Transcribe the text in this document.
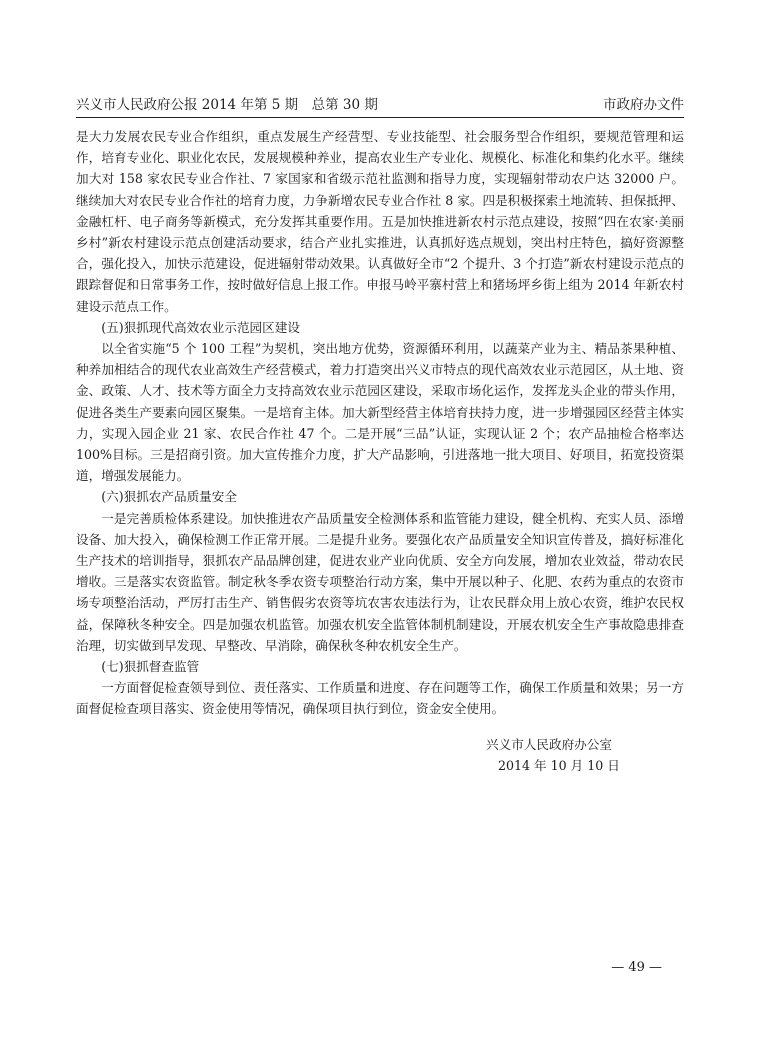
兴义市人民政府公报 2014 年第 5 期　总第 30 期	市政府办文件

是大力发展农民专业合作组织，重点发展生产经营型、专业技能型、社会服务型合作组织，要规范管理和运作，培育专业化、职业化农民，发展规模种养业，提高农业生产专业化、规模化、标准化和集约化水平。继续加大对 158 家农民专业合作社、7 家国家和省级示范社监测和指导力度，实现辐射带动农户达 32000 户。继续加大对农民专业合作社的培育力度，力争新增农民专业合作社 8 家。四是积极探索土地流转、担保抵押、金融杠杆、电子商务等新模式，充分发挥其重要作用。五是加快推进新农村示范点建设，按照“四在农家·美丽乡村”新农村建设示范点创建活动要求，结合产业扎实推进，认真抓好选点规划，突出村庄特色，搞好资源整合，强化投入，加快示范建设，促进辐射带动效果。认真做好全市“2 个提升、3 个打造”新农村建设示范点的跟踪督促和日常事务工作，按时做好信息上报工作。申报马岭平寨村营上和猪场坪乡街上组为 2014 年新农村建设示范点工作。

(五)狠抓现代高效农业示范园区建设

以全省实施“5 个 100 工程”为契机，突出地方优势，资源循环利用，以蔬菜产业为主、精品茶果种植、种养加相结合的现代农业高效生产经营模式，着力打造突出兴义市特点的现代高效农业示范园区，从土地、资金、政策、人才、技术等方面全力支持高效农业示范园区建设，采取市场化运作，发挥龙头企业的带头作用，促进各类生产要素向园区聚集。一是培育主体。加大新型经营主体培育扶持力度，进一步增强园区经营主体实力，实现入园企业 21 家、农民合作社 47 个。二是开展“三品”认证，实现认证 2 个；农产品抽检合格率达 100%目标。三是招商引资。加大宣传推介力度，扩大产品影响，引进落地一批大项目、好项目，拓宽投资渠道，增强发展能力。

(六)狠抓农产品质量安全

一是完善质检体系建设。加快推进农产品质量安全检测体系和监管能力建设，健全机构、充实人员、添增设备、加大投入，确保检测工作正常开展。二是提升业务。要强化农产品质量安全知识宣传普及，搞好标准化生产技术的培训指导，狠抓农产品品牌创建，促进农业产业向优质、安全方向发展，增加农业效益，带动农民增收。三是落实农资监管。制定秋冬季农资专项整治行动方案，集中开展以种子、化肥、农药为重点的农资市场专项整治活动，严厉打击生产、销售假劣农资等坑农害农违法行为，让农民群众用上放心农资，维护农民权益，保障秋冬种安全。四是加强农机监管。加强农机安全监管体制机制建设，开展农机安全生产事故隐患排查治理，切实做到早发现、早整改、早消除，确保秋冬种农机安全生产。

(七)狠抓督查监管

一方面督促检查领导到位、责任落实、工作质量和进度、存在问题等工作，确保工作质量和效果；另一方面督促检查项目落实、资金使用等情况，确保项目执行到位，资金安全使用。

兴义市人民政府办公室
2014 年 10 月 10 日
— 49 —
